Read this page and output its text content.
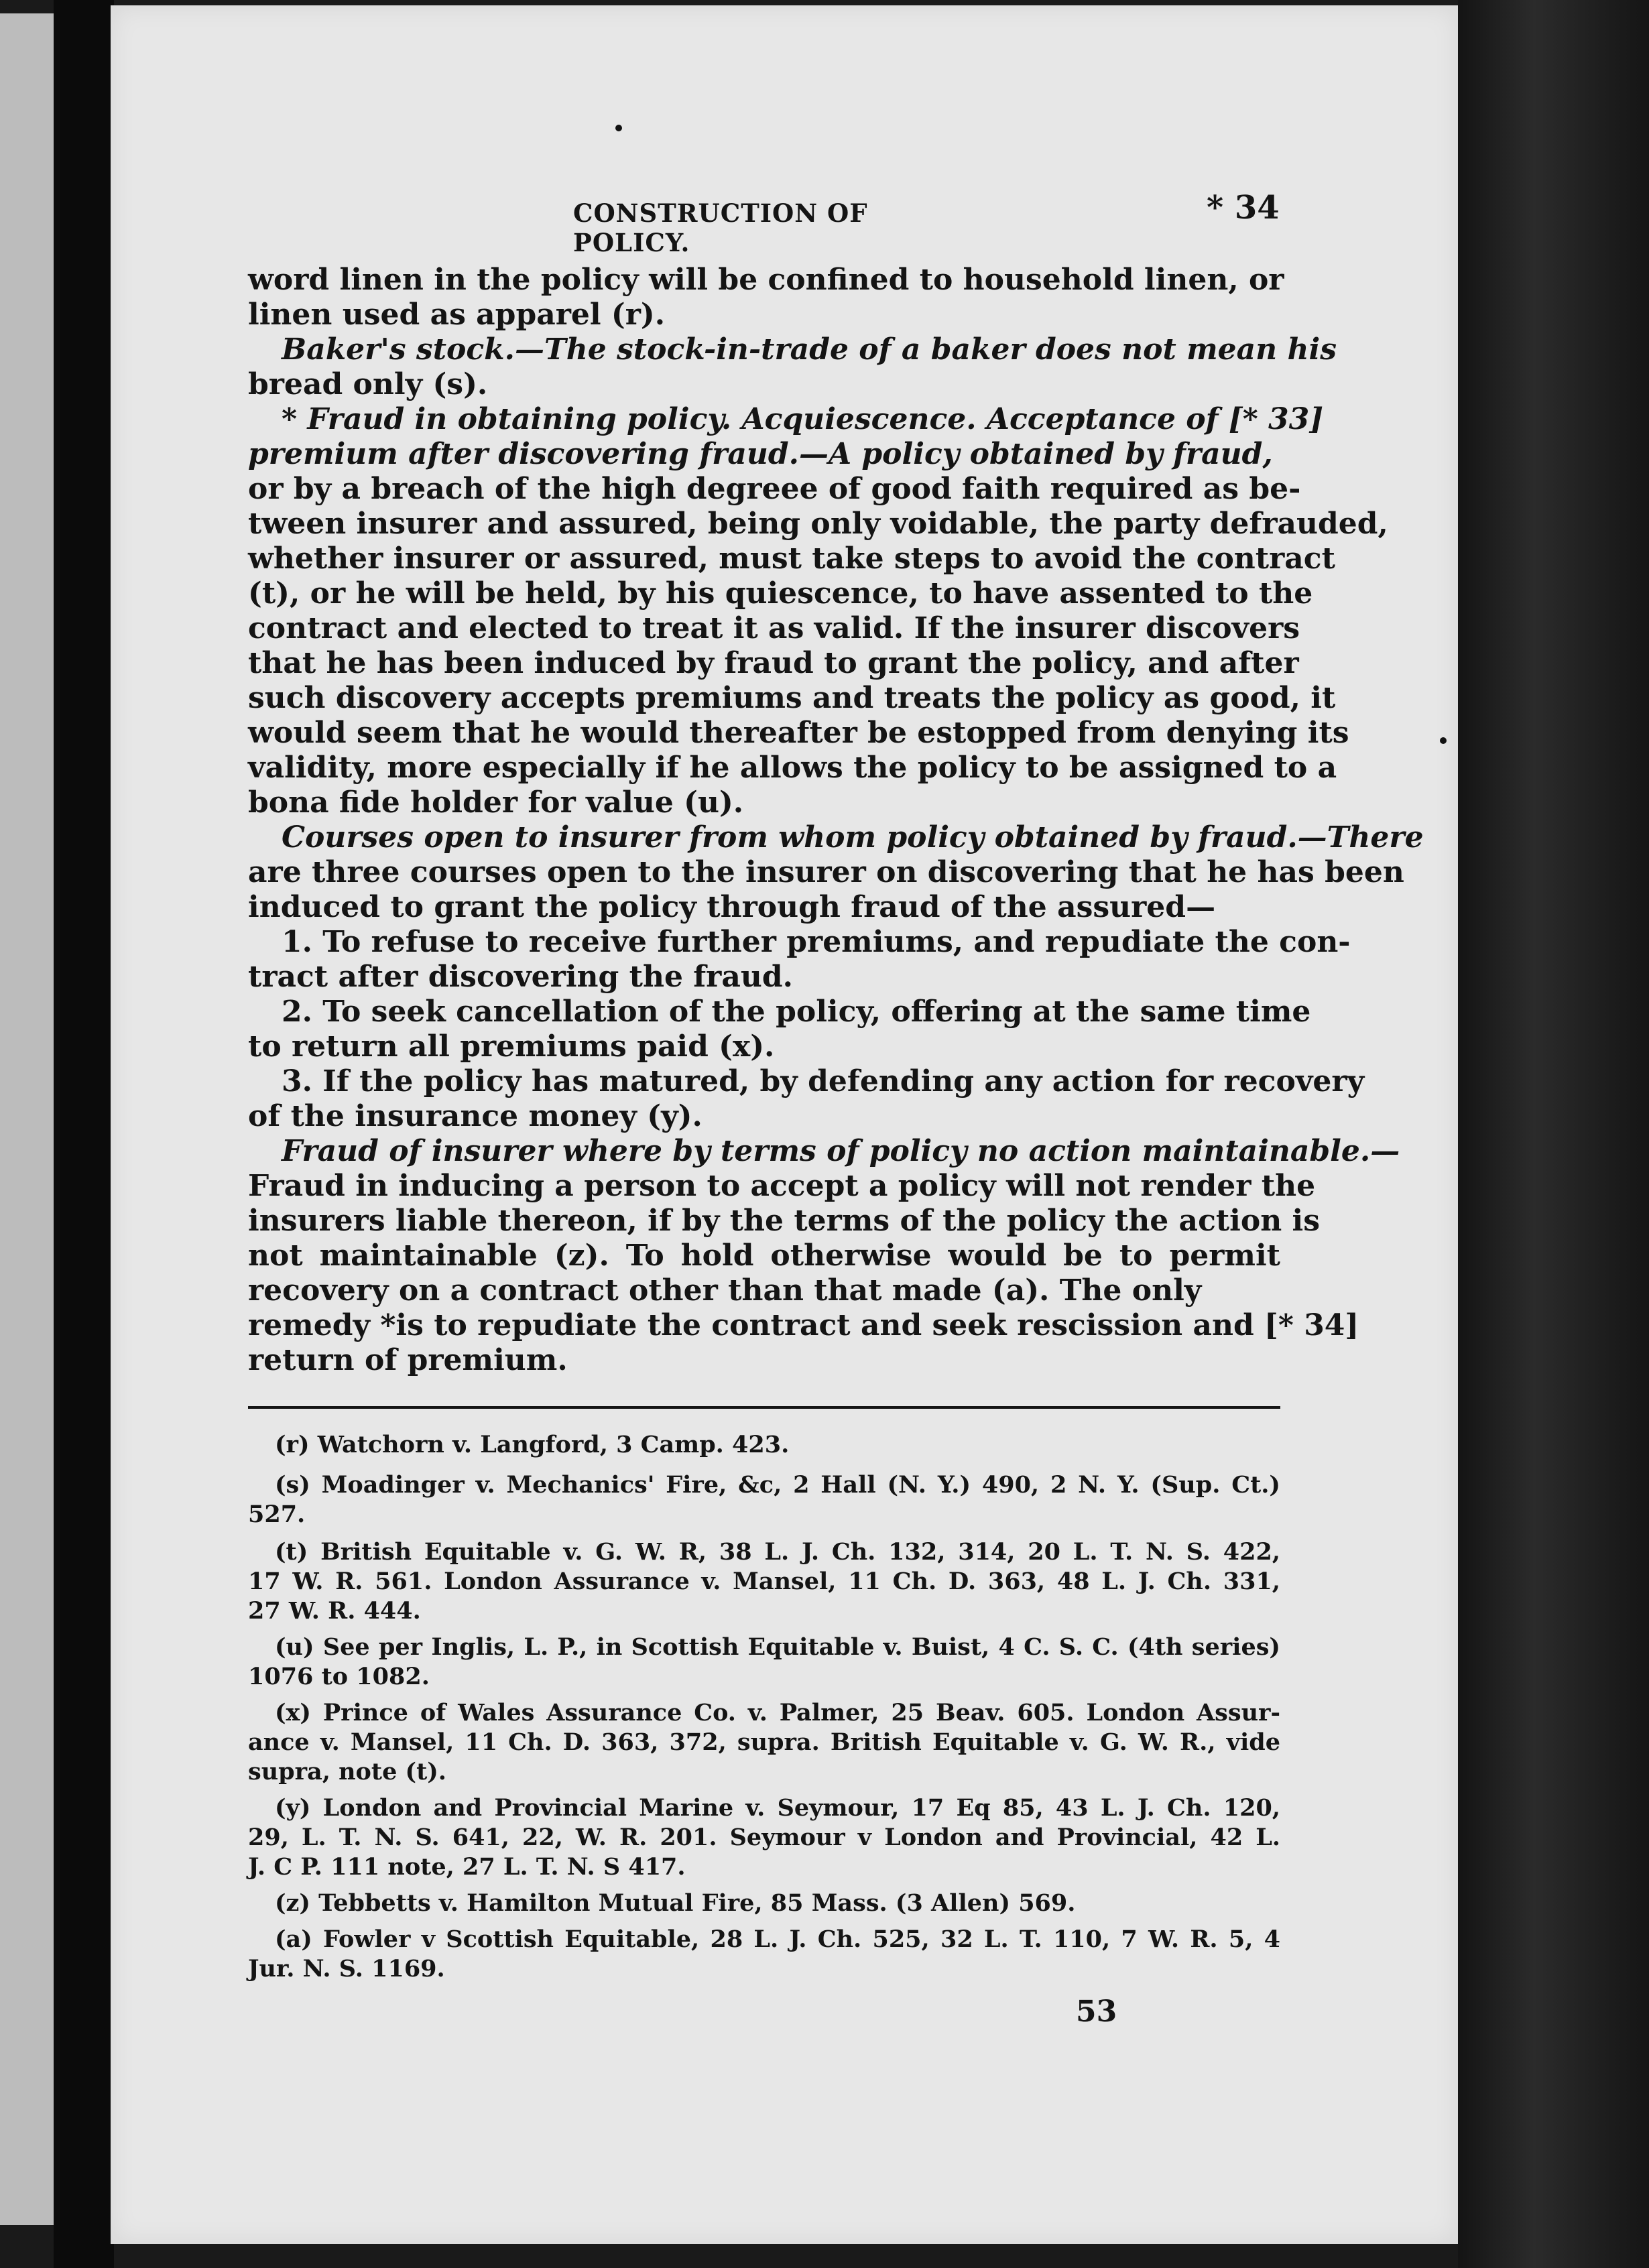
CONSTRUCTION OF POLICY.
* 34
word linen in the policy will be confined to household linen, or
linen used as apparel (r).
Baker's stock.—The stock-in-trade of a baker does not mean his
bread only (s).
* Fraud in obtaining policy. Acquiescence. Acceptance of [* 33]
premium after discovering fraud.—A policy obtained by fraud,
or by a breach of the high degreee of good faith required as be-
tween insurer and assured, being only voidable, the party defrauded,
whether insurer or assured, must take steps to avoid the contract
(t), or he will be held, by his quiescence, to have assented to the
contract and elected to treat it as valid. If the insurer discovers
that he has been induced by fraud to grant the policy, and after
such discovery accepts premiums and treats the policy as good, it
would seem that he would thereafter be estopped from denying its
validity, more especially if he allows the policy to be assigned to a
bona fide holder for value (u).
Courses open to insurer from whom policy obtained by fraud.—There
are three courses open to the insurer on discovering that he has been
induced to grant the policy through fraud of the assured—
1. To refuse to receive further premiums, and repudiate the con-
tract after discovering the fraud.
2. To seek cancellation of the policy, offering at the same time
to return all premiums paid (x).
3. If the policy has matured, by defending any action for recovery
of the insurance money (y).
Fraud of insurer where by terms of policy no action maintainable.—
Fraud in inducing a person to accept a policy will not render the
insurers liable thereon, if by the terms of the policy the action is
not maintainable (z). To hold otherwise would be to permit
recovery on a contract other than that made (a). The only
remedy *is to repudiate the contract and seek rescission and [* 34]
return of premium.
(r) Watchorn v. Langford, 3 Camp. 423.
(s) Moadinger v. Mechanics' Fire, &c, 2 Hall (N. Y.) 490, 2 N. Y. (Sup. Ct.)
527.
(t) British Equitable v. G. W. R, 38 L. J. Ch. 132, 314, 20 L. T. N. S. 422,
17 W. R. 561. London Assurance v. Mansel, 11 Ch. D. 363, 48 L. J. Ch. 331,
27 W. R. 444.
(u) See per Inglis, L. P., in Scottish Equitable v. Buist, 4 C. S. C. (4th series)
1076 to 1082.
(x) Prince of Wales Assurance Co. v. Palmer, 25 Beav. 605. London Assur-
ance v. Mansel, 11 Ch. D. 363, 372, supra. British Equitable v. G. W. R., vide
supra, note (t).
(y) London and Provincial Marine v. Seymour, 17 Eq 85, 43 L. J. Ch. 120,
29, L. T. N. S. 641, 22, W. R. 201. Seymour v London and Provincial, 42 L.
J. C P. 111 note, 27 L. T. N. S 417.
(z) Tebbetts v. Hamilton Mutual Fire, 85 Mass. (3 Allen) 569.
(a) Fowler v Scottish Equitable, 28 L. J. Ch. 525, 32 L. T. 110, 7 W. R. 5, 4
Jur. N. S. 1169.
53
